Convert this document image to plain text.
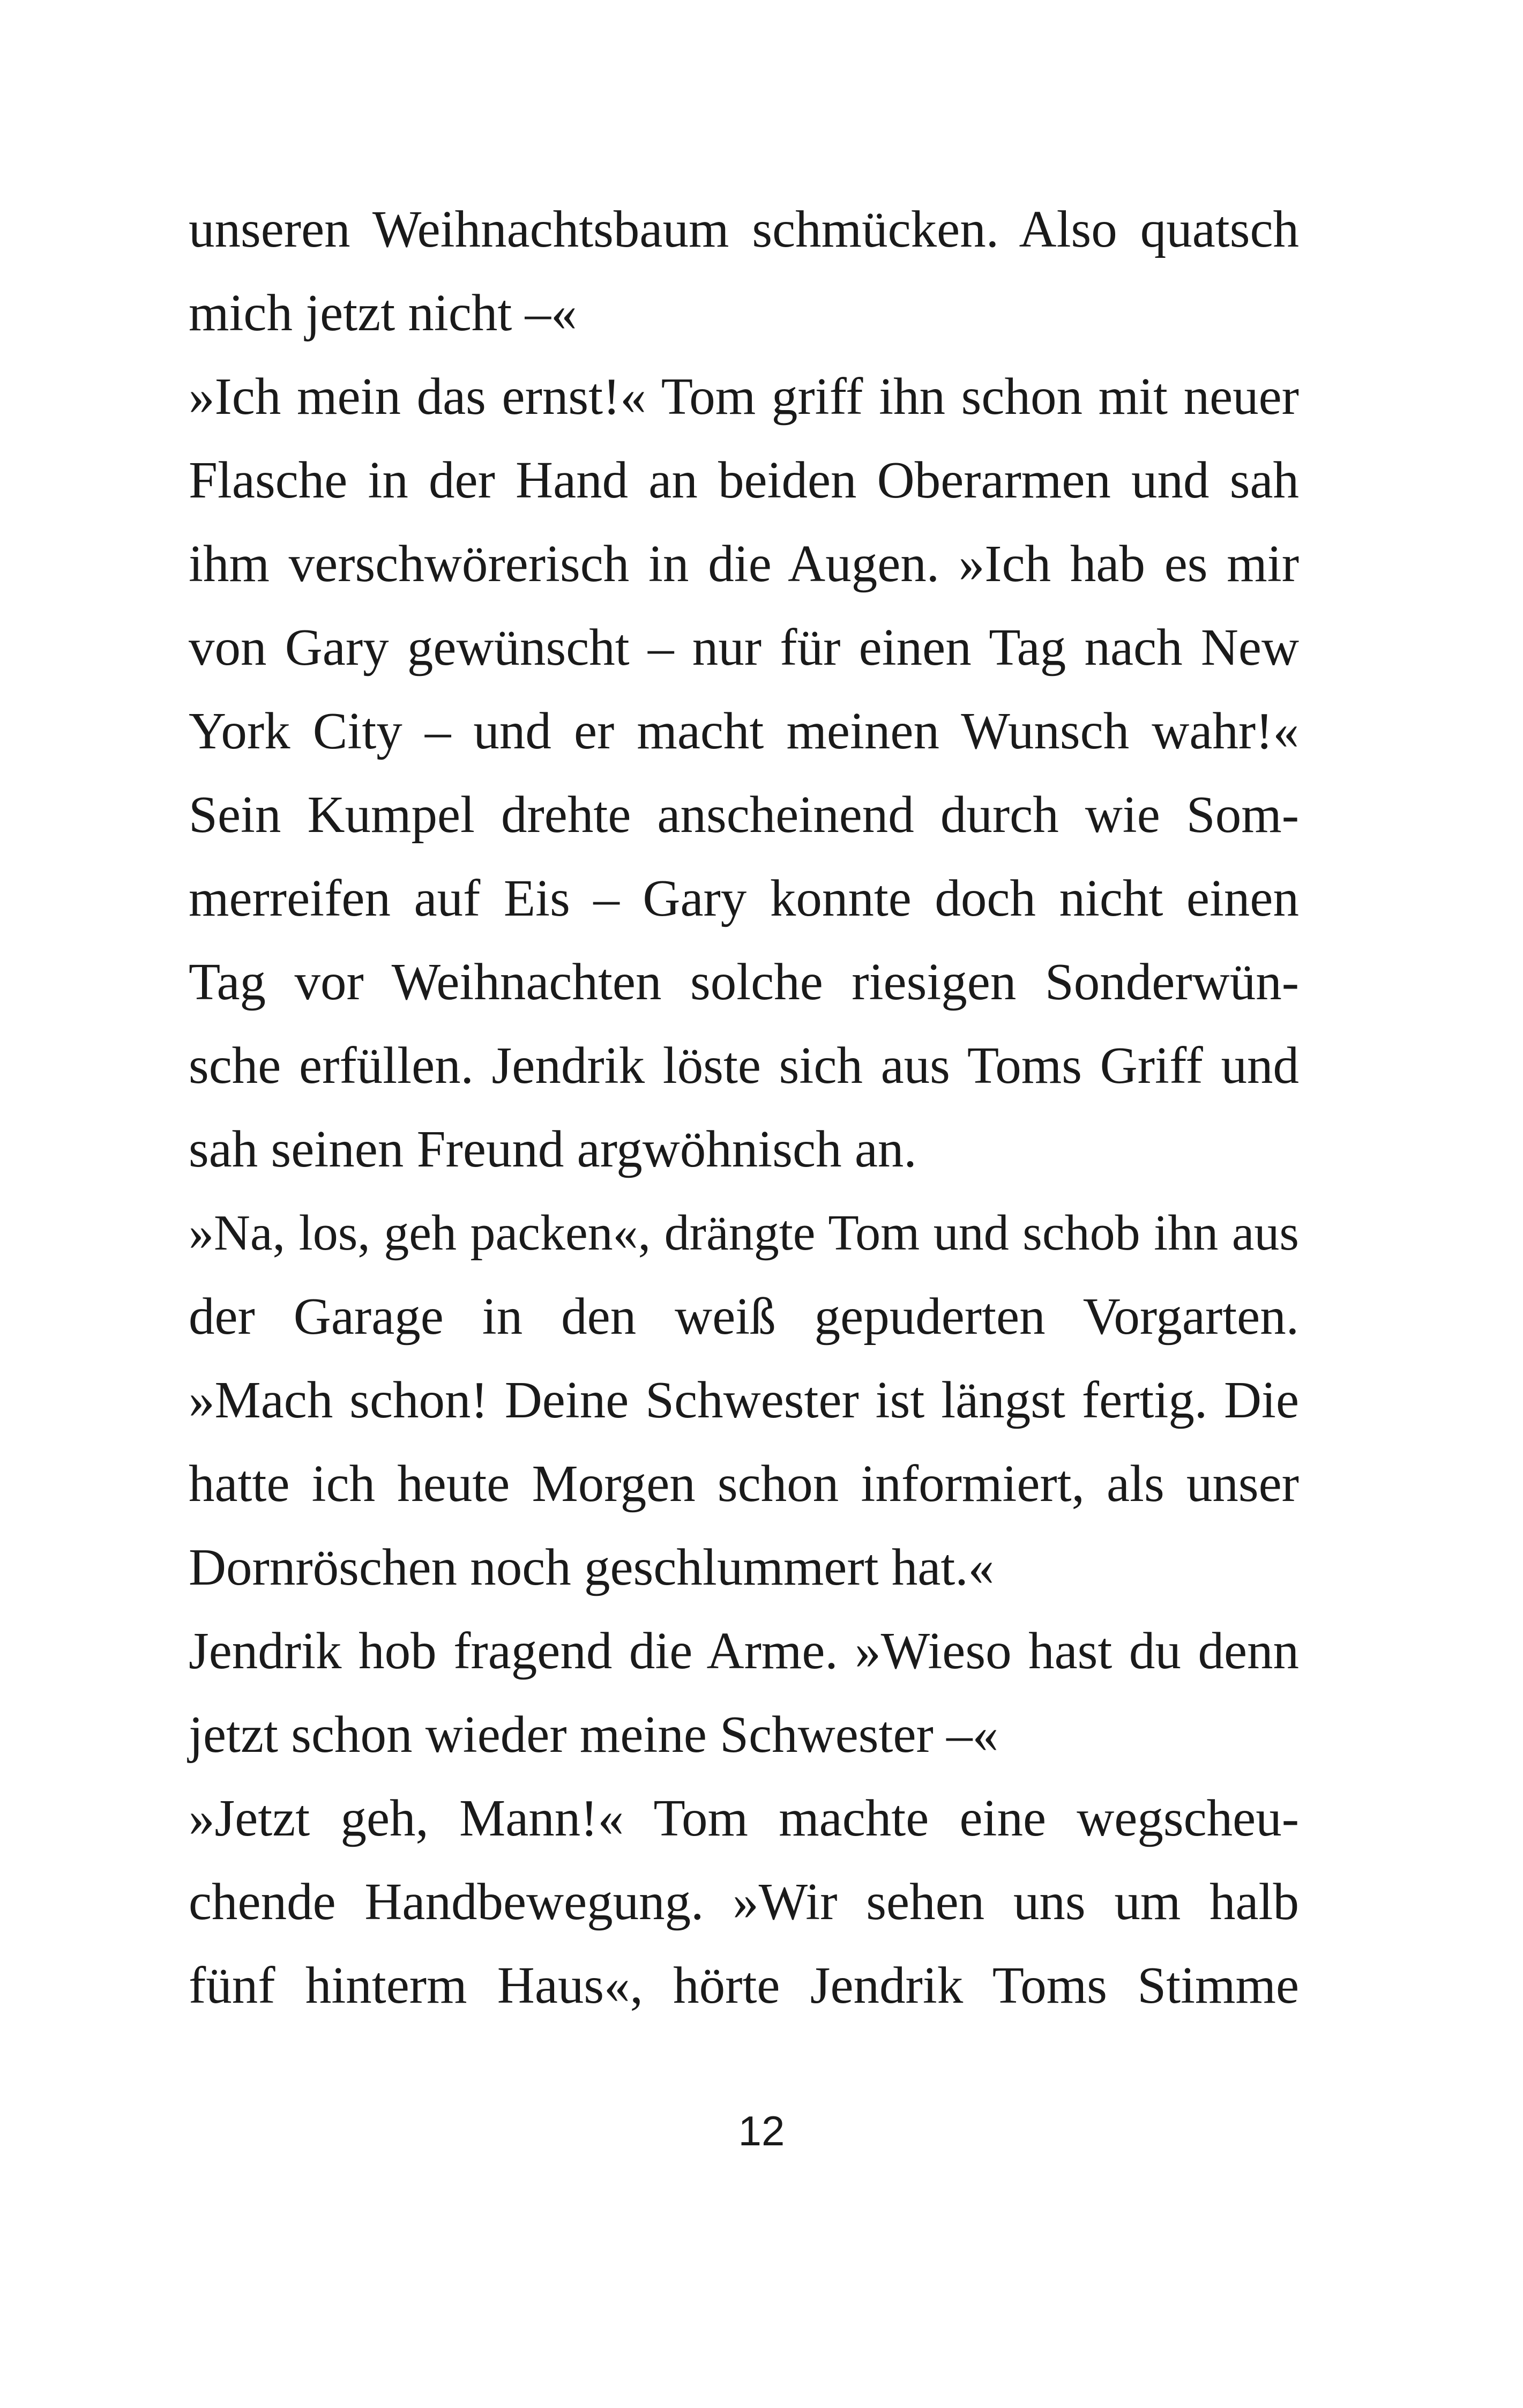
unseren Weihnachtsbaum schmücken. Also quatsch
mich jetzt nicht –«
»Ich mein das ernst!« Tom griff ihn schon mit neuer
Flasche in der Hand an beiden Oberarmen und sah
ihm verschwörerisch in die Augen. »Ich hab es mir
von Gary gewünscht – nur für einen Tag nach New
York City – und er macht meinen Wunsch wahr!«
Sein Kumpel drehte anscheinend durch wie Som-
merreifen auf Eis – Gary konnte doch nicht einen
Tag vor Weihnachten solche riesigen Sonderwün-
sche erfüllen. Jendrik löste sich aus Toms Griff und
sah seinen Freund argwöhnisch an.
»Na, los, geh packen«, drängte Tom und schob ihn aus
der Garage in den weiß gepuderten Vorgarten.
»Mach schon! Deine Schwester ist längst fertig. Die
hatte ich heute Morgen schon informiert, als unser
Dornröschen noch geschlummert hat.«
Jendrik hob fragend die Arme. »Wieso hast du denn
jetzt schon wieder meine Schwester –«
»Jetzt geh, Mann!« Tom machte eine wegscheu-
chende Handbewegung. »Wir sehen uns um halb
fünf hinterm Haus«, hörte Jendrik Toms Stimme
12
